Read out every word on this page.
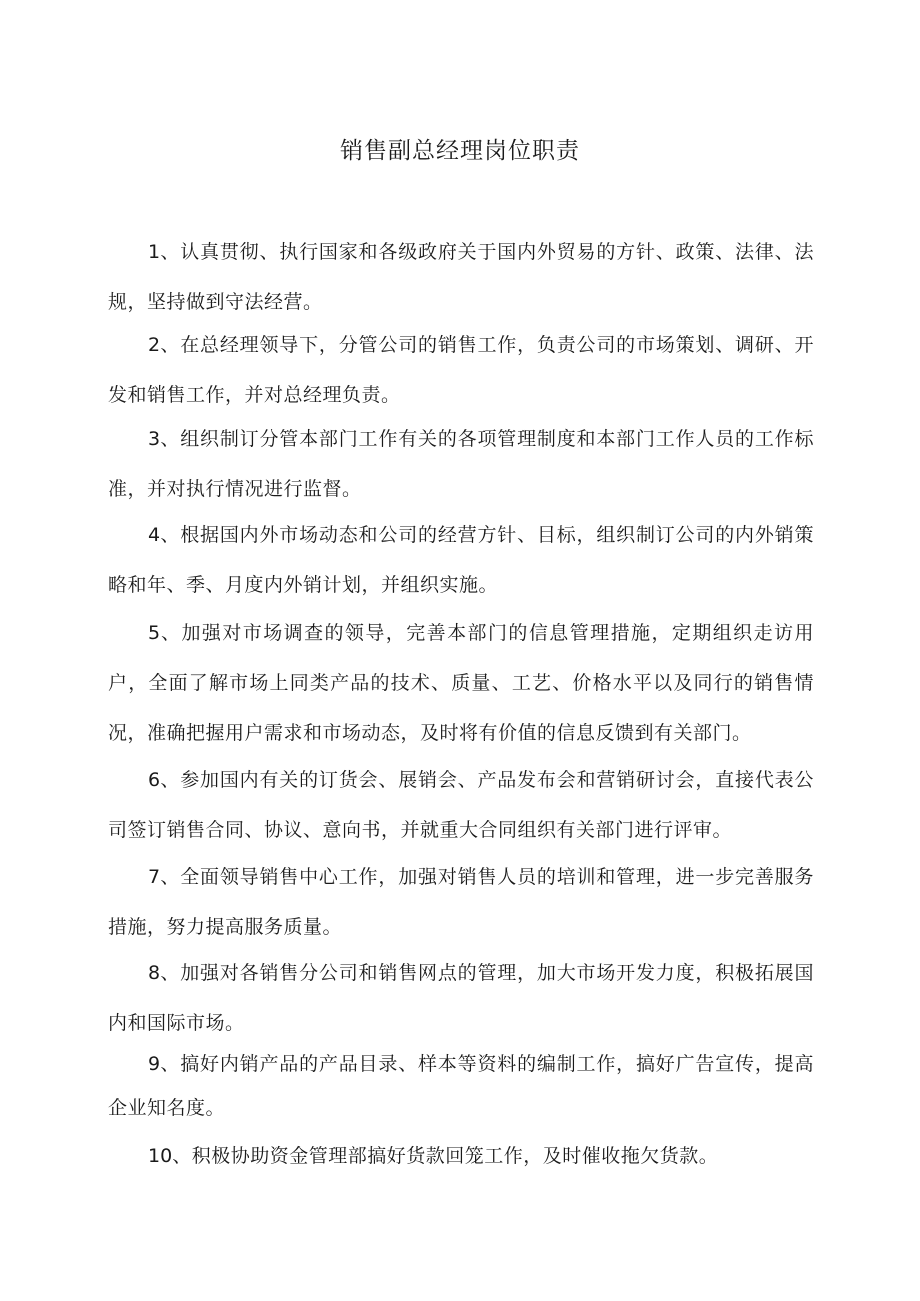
销售副总经理岗位职责

1、认真贯彻、执行国家和各级政府关于国内外贸易的方针、政策、法律、法规，坚持做到守法经营。

2、在总经理领导下，分管公司的销售工作，负责公司的市场策划、调研、开发和销售工作，并对总经理负责。

3、组织制订分管本部门工作有关的各项管理制度和本部门工作人员的工作标准，并对执行情况进行监督。

4、根据国内外市场动态和公司的经营方针、目标，组织制订公司的内外销策略和年、季、月度内外销计划，并组织实施。

5、加强对市场调查的领导，完善本部门的信息管理措施，定期组织走访用户，全面了解市场上同类产品的技术、质量、工艺、价格水平以及同行的销售情况，准确把握用户需求和市场动态，及时将有价值的信息反馈到有关部门。

6、参加国内有关的订货会、展销会、产品发布会和营销研讨会，直接代表公司签订销售合同、协议、意向书，并就重大合同组织有关部门进行评审。

7、全面领导销售中心工作，加强对销售人员的培训和管理，进一步完善服务措施，努力提高服务质量。

8、加强对各销售分公司和销售网点的管理，加大市场开发力度，积极拓展国内和国际市场。

9、搞好内销产品的产品目录、样本等资料的编制工作，搞好广告宣传，提高企业知名度。

10、积极协助资金管理部搞好货款回笼工作，及时催收拖欠货款。
